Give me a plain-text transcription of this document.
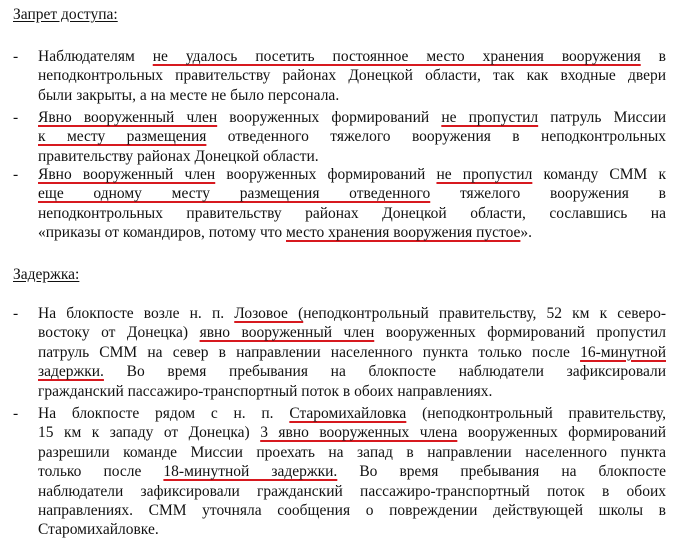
Запрет доступа:
Задержка:
- Наблюдателям не удалось посетить постоянное место хранения вооружения в
неподконтрольных правительству районах Донецкой области, так как входные двери
были закрыты, а на месте не было персонала.
- Явно вооруженный член вооруженных формирований не пропустил патруль Миссии
к месту размещения отведенного тяжелого вооружения в неподконтрольных
правительству районах Донецкой области.
- Явно вооруженный член вооруженных формирований не пропустил команду СММ к
еще одному месту размещения отведенного тяжелого вооружения в
неподконтрольных правительству районах Донецкой области, сославшись на
«приказы от командиров, потому что место хранения вооружения пустое».
- На блокпосте возле н. п. Лозовое (неподконтрольный правительству, 52 км к северо-
востоку от Донецка) явно вооруженный член вооруженных формирований пропустил
патруль СММ на север в направлении населенного пункта только после 16-минутной
задержки. Во время пребывания на блокпосте наблюдатели зафиксировали
гражданский пассажиро-транспортный поток в обоих направлениях.
- На блокпосте рядом с н. п. Старомихайловка (неподконтрольный правительству,
15 км к западу от Донецка) 3 явно вооруженных члена вооруженных формирований
разрешили команде Миссии проехать на запад в направлении населенного пункта
только после 18-минутной задержки. Во время пребывания на блокпосте
наблюдатели зафиксировали гражданский пассажиро-транспортный поток в обоих
направлениях. СММ уточняла сообщения о повреждении действующей школы в
Старомихайловке.
